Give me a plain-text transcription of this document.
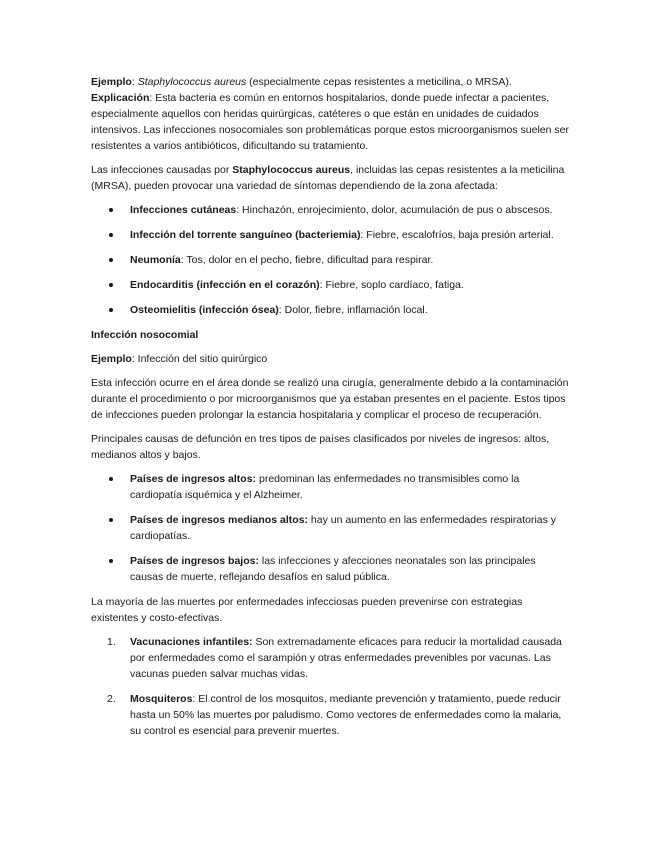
Ejemplo: Staphylococcus aureus (especialmente cepas resistentes a meticilina, o MRSA).
Explicación: Esta bacteria es común en entornos hospitalarios, donde puede infectar a pacientes, especialmente aquellos con heridas quirúrgicas, catéteres o que están en unidades de cuidados intensivos. Las infecciones nosocomiales son problemáticas porque estos microorganismos suelen ser resistentes a varios antibióticos, dificultando su tratamiento.

Las infecciones causadas por Staphylococcus aureus, incluidas las cepas resistentes a la meticilina (MRSA), pueden provocar una variedad de síntomas dependiendo de la zona afectada:

Infecciones cutáneas: Hinchazón, enrojecimiento, dolor, acumulación de pus o abscesos.
Infección del torrente sanguíneo (bacteriemia): Fiebre, escalofríos, baja presión arterial.
Neumonía: Tos, dolor en el pecho, fiebre, dificultad para respirar.
Endocarditis (infección en el corazón): Fiebre, soplo cardíaco, fatiga.
Osteomielitis (infección ósea): Dolor, fiebre, inflamación local.

Infección nosocomial

Ejemplo: Infección del sitio quirúrgico

Esta infección ocurre en el área donde se realizó una cirugía, generalmente debido a la contaminación durante el procedimiento o por microorganismos que ya estaban presentes en el paciente. Estos tipos de infecciones pueden prolongar la estancia hospitalaria y complicar el proceso de recuperación.

Principales causas de defunción en tres tipos de países clasificados por niveles de ingresos: altos, medianos altos y bajos.

Países de ingresos altos: predominan las enfermedades no transmisibles como la cardiopatía isquémica y el Alzheimer.
Países de ingresos medianos altos: hay un aumento en las enfermedades respiratorias y cardiopatías.
Países de ingresos bajos: las infecciones y afecciones neonatales son las principales causas de muerte, reflejando desafíos en salud pública.

La mayoría de las muertes por enfermedades infecciosas pueden prevenirse con estrategias existentes y costo-efectivas.

1. Vacunaciones infantiles: Son extremadamente eficaces para reducir la mortalidad causada por enfermedades como el sarampión y otras enfermedades prevenibles por vacunas. Las vacunas pueden salvar muchas vidas.
2. Mosquiteros: El control de los mosquitos, mediante prevención y tratamiento, puede reducir hasta un 50% las muertes por paludismo. Como vectores de enfermedades como la malaria, su control es esencial para prevenir muertes.
